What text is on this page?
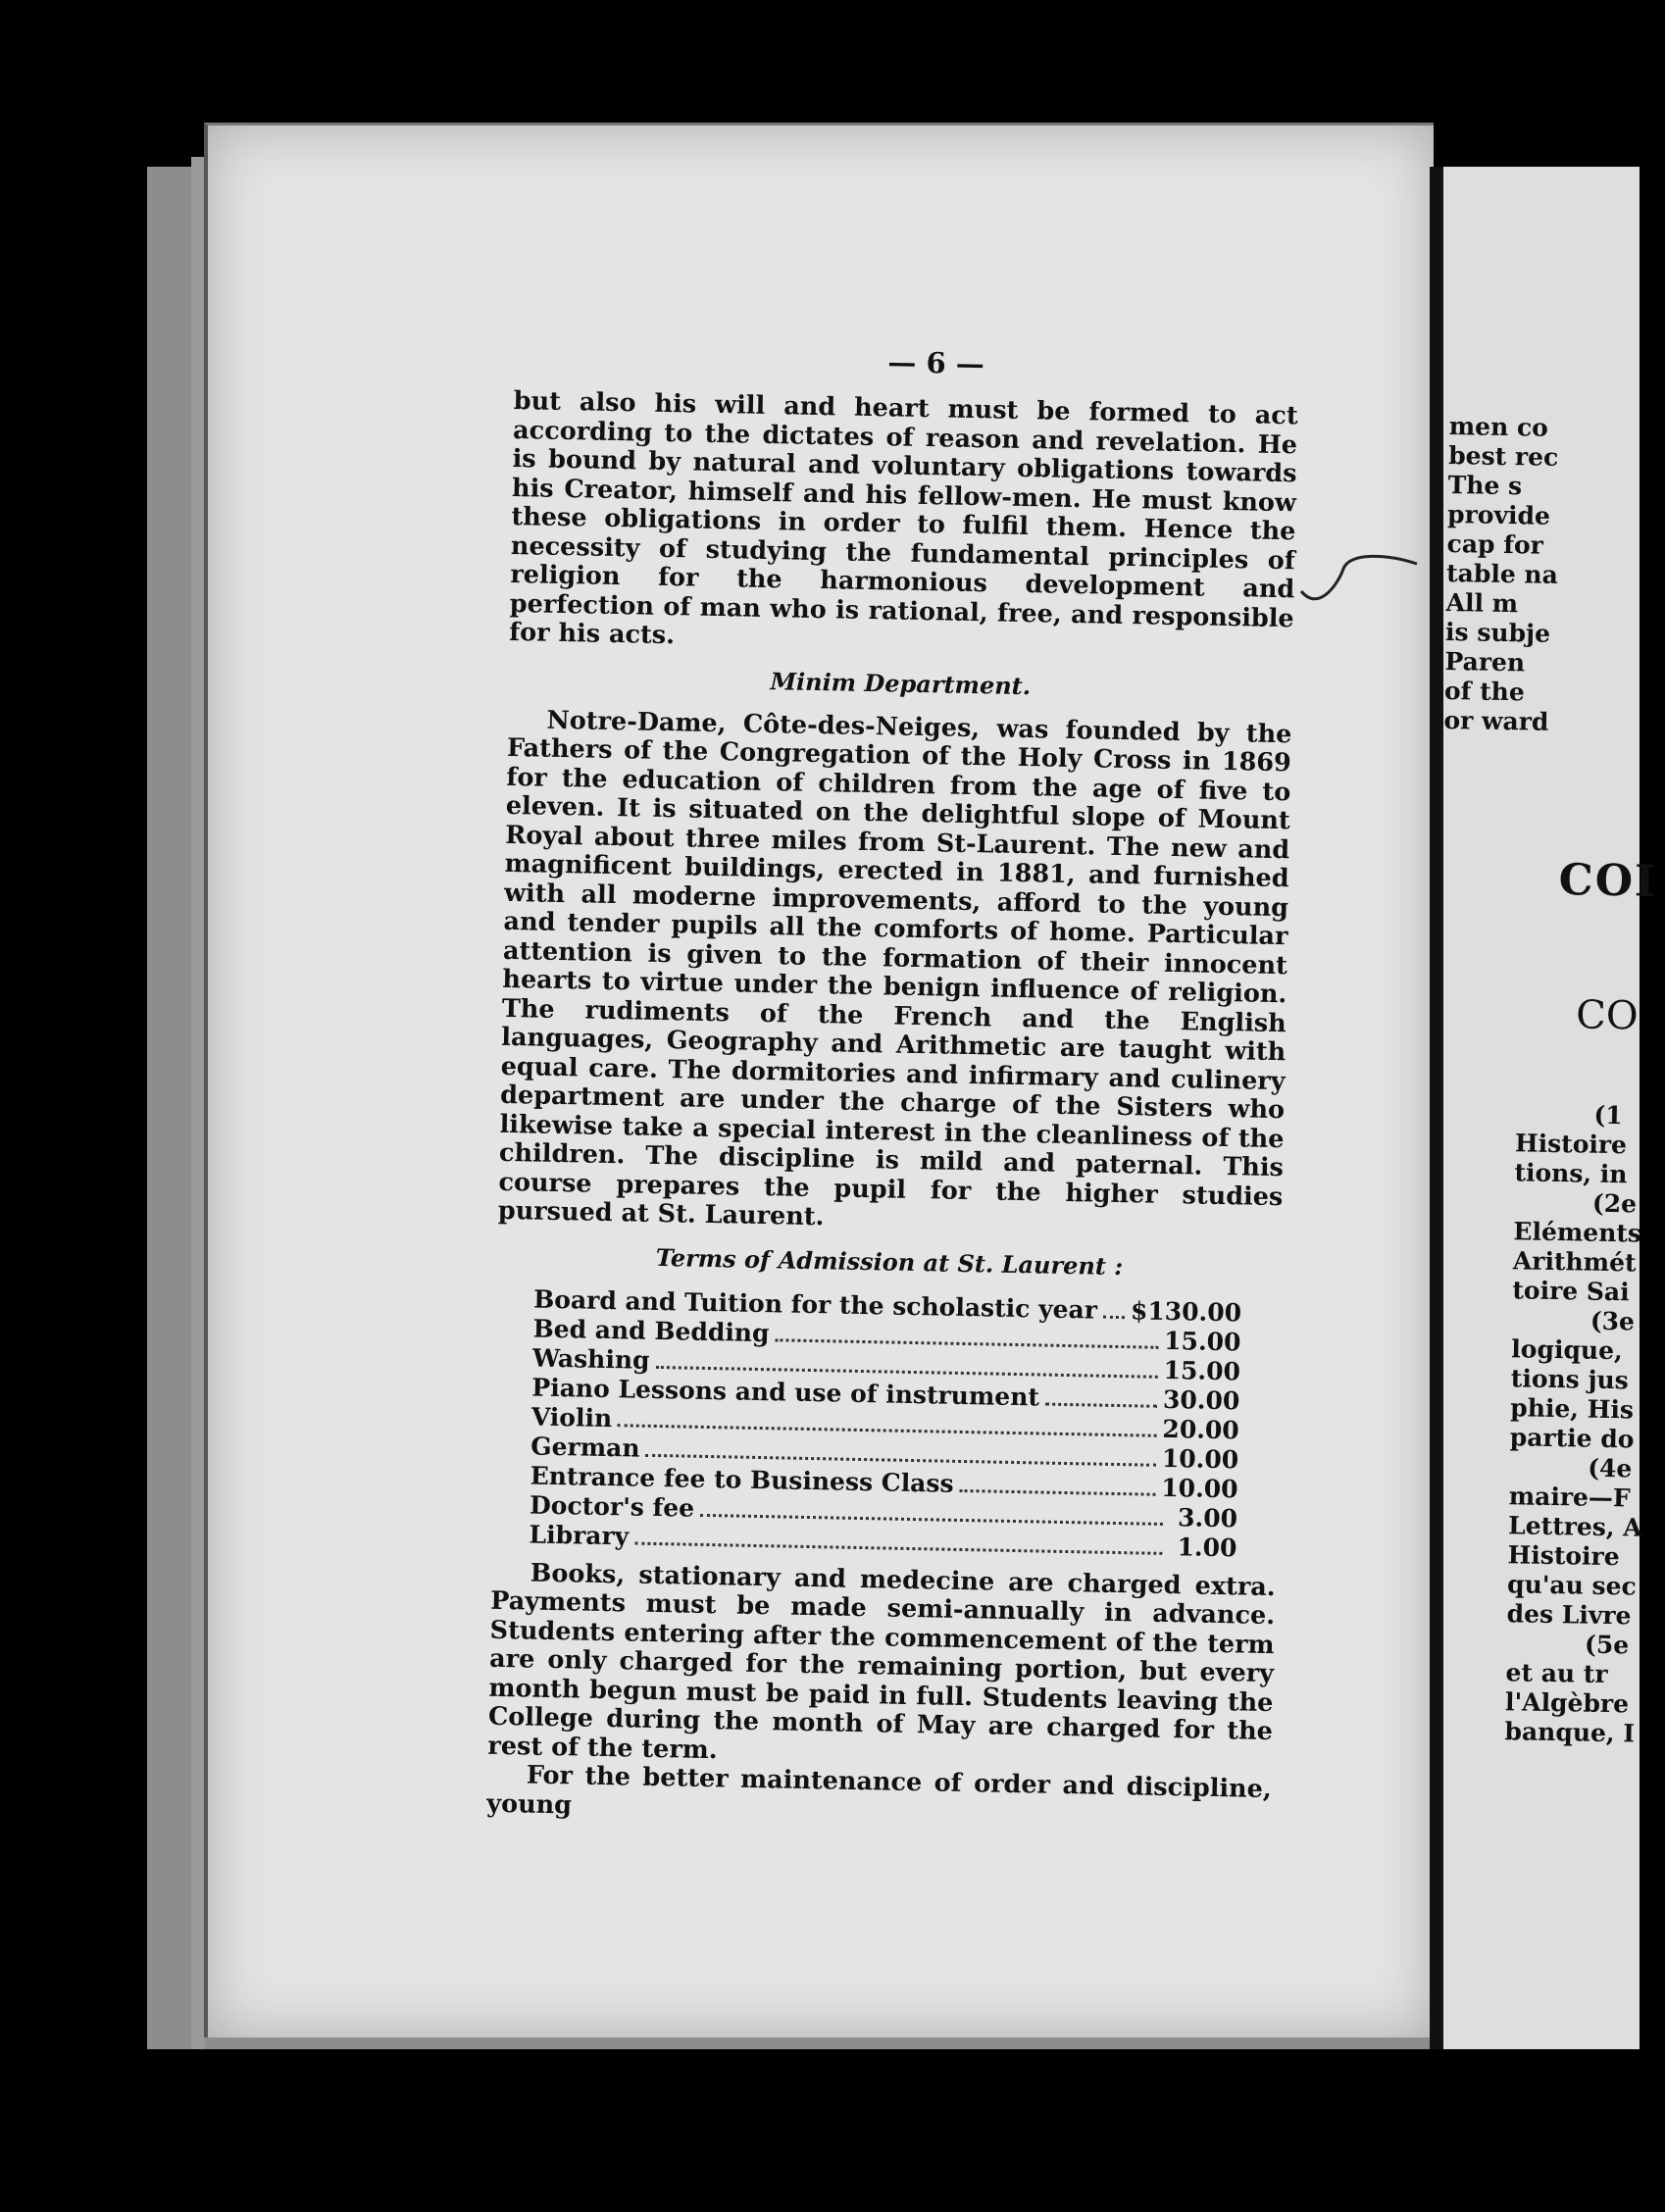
— 6 —

but also his will and heart must be formed to act according to the dictates of reason and revelation. He is bound by natural and voluntary obligations towards his Creator, himself and his fellow-men. He must know these obligations in order to fulfil them. Hence the necessity of studying the fundamental principles of religion for the harmonious development and perfection of man who is rational, free, and responsible for his acts.

Minim Department.

Notre-Dame, Côte-des-Neiges, was founded by the Fathers of the Congregation of the Holy Cross in 1869 for the education of children from the age of five to eleven. It is situated on the delightful slope of Mount Royal about three miles from St-Laurent. The new and magnificent buildings, erected in 1881, and furnished with all moderne improvements, afford to the young and tender pupils all the comforts of home. Particular attention is given to the formation of their innocent hearts to virtue under the benign influence of religion. The rudiments of the French and the English languages, Geography and Arithmetic are taught with equal care. The dormitories and infirmary and culinery department are under the charge of the Sisters who likewise take a special interest in the cleanliness of the children. The discipline is mild and paternal. This course prepares the pupil for the higher studies pursued at St. Laurent.

Terms of Admission at St. Laurent :
Board and Tuition for the scholastic year $130.00
Bed and Bedding	15.00
Washing	15.00
Piano Lessons and use of instrument	30.00
Violin	20.00
German	10.00
Entrance fee to Business Class	10.00
Doctor's fee	3.00
Library	1.00

Books, stationary and medecine are charged extra. Payments must be made semi-annually in advance. Students entering after the commencement of the term are only charged for the remaining portion, but every month begun must be paid in full. Students leaving the College during the month of May are charged for the rest of the term.

For the better maintenance of order and discipline, young

men co
best rec
The s
provide
cap for
table na
All m
is subje
Paren
of the
or ward
COI
CO
(1
Histoire
tions, in
(2e
Eléments
Arithmét
toire Sai
(3e
logique,
tions jus
phie, His
partie do
(4e
maire—F
Lettres, A
Histoire
qu'au sec
des Livre
(5e
et au tr
l'Algèbre
banque, I
